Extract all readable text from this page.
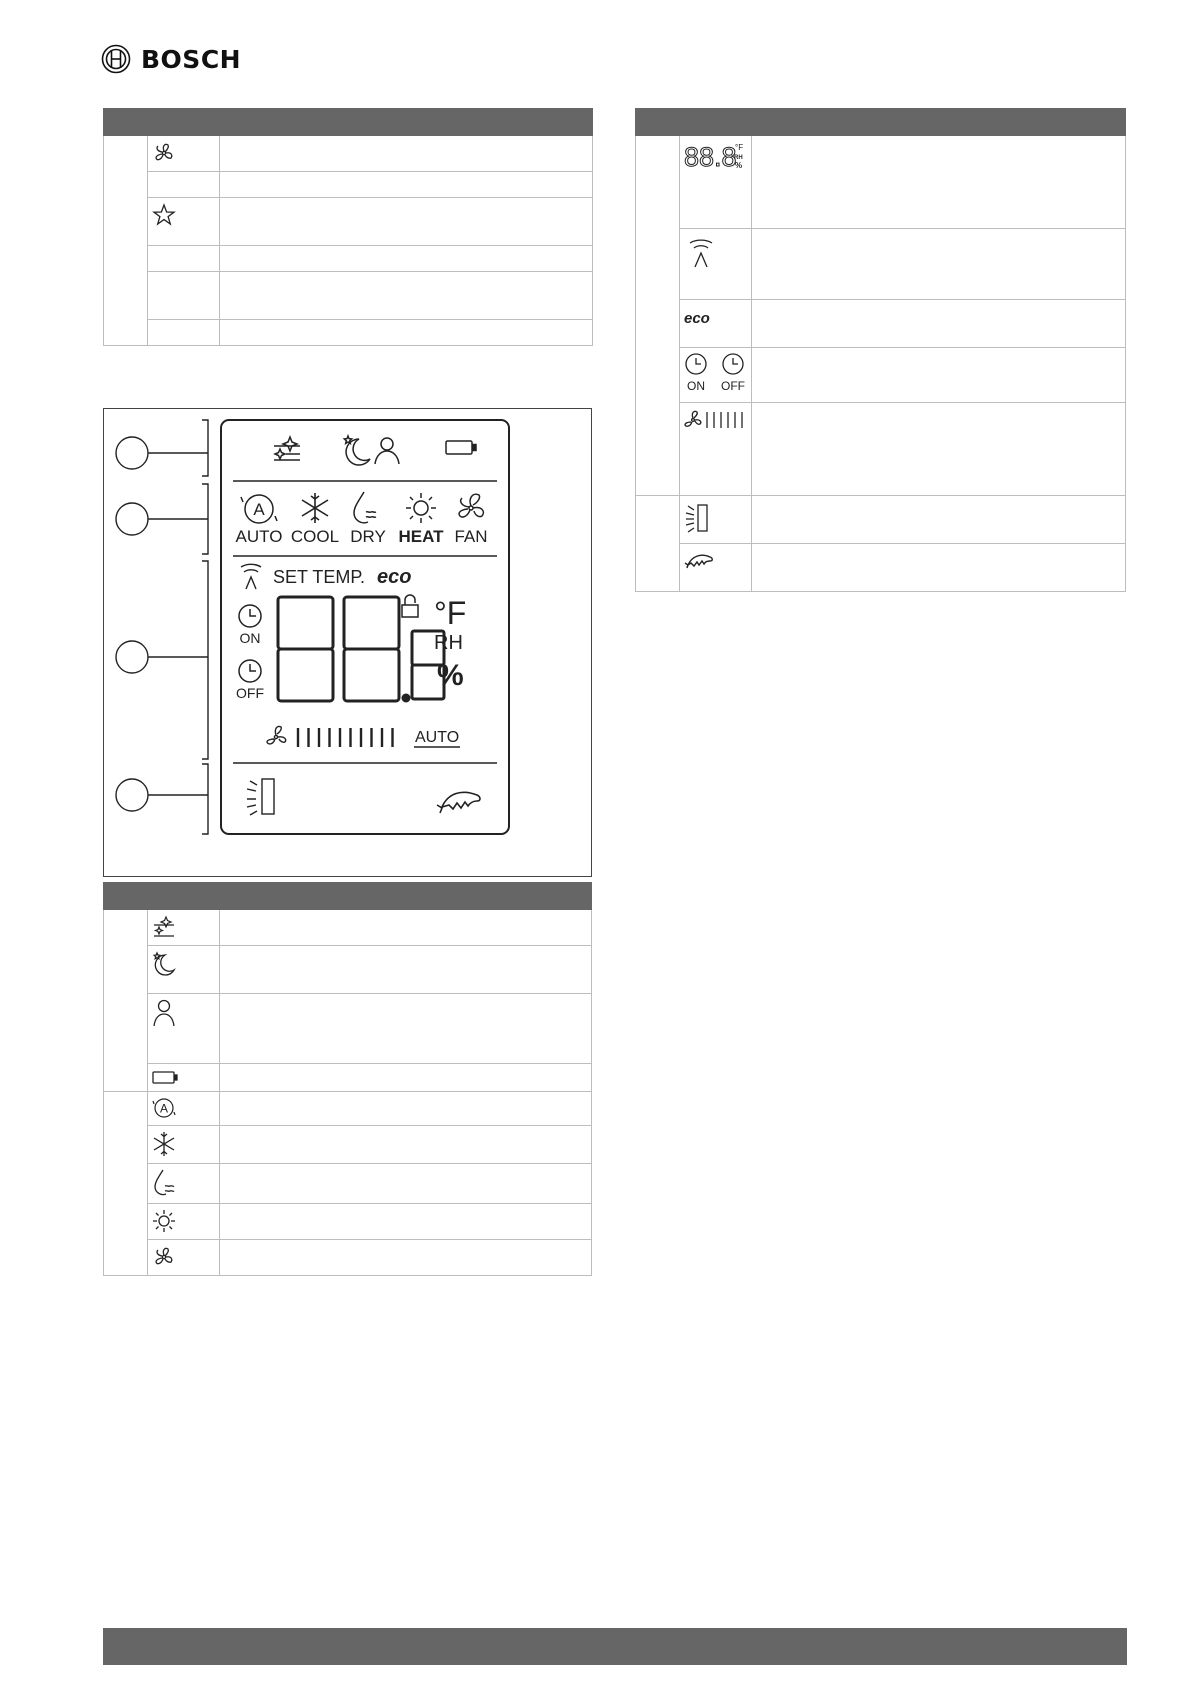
BOSCH

A
AUTO COOL DRY HEAT FAN
SET TEMP. eco
ON
OFF
°F
RH
%
AUTO

A	

88.8
°F
RH
%	

eco	

ON OFF	
